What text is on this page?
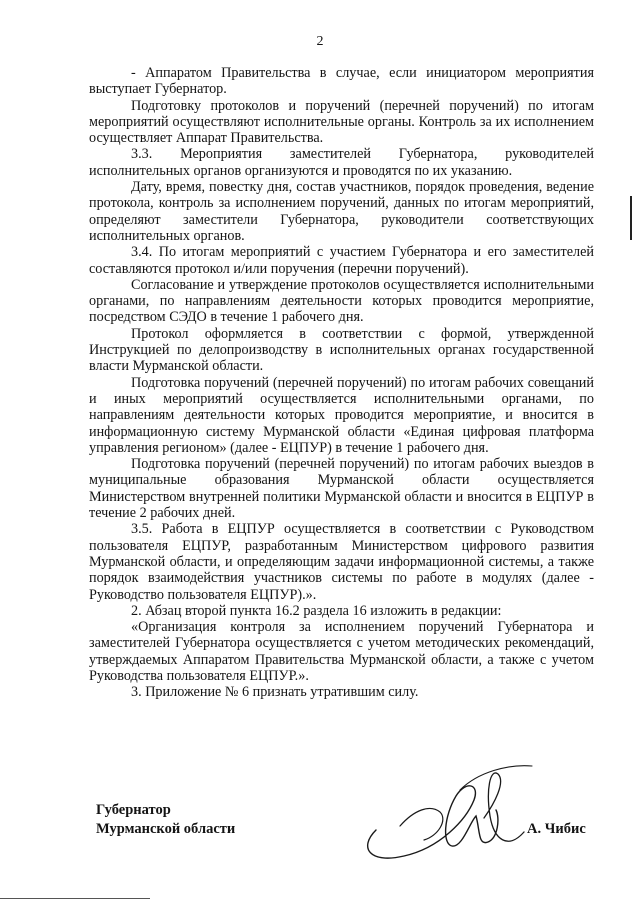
2

- Аппаратом Правительства в случае, если инициатором мероприятия выступает Губернатор.

Подготовку протоколов и поручений (перечней поручений) по итогам мероприятий осуществляют исполнительные органы. Контроль за их исполнением осуществляет Аппарат Правительства.

3.3. Мероприятия заместителей Губернатора, руководителей исполнительных органов организуются и проводятся по их указанию.

Дату, время, повестку дня, состав участников, порядок проведения, ведение протокола, контроль за исполнением поручений, данных по итогам мероприятий, определяют заместители Губернатора, руководители соответствующих исполнительных органов.

3.4. По итогам мероприятий с участием Губернатора и его заместителей составляются протокол и/или поручения (перечни поручений).

Согласование и утверждение протоколов осуществляется исполнительными органами, по направлениям деятельности которых проводится мероприятие, посредством СЭДО в течение 1 рабочего дня.

Протокол оформляется в соответствии с формой, утвержденной Инструкцией по делопроизводству в исполнительных органах государственной власти Мурманской области.

Подготовка поручений (перечней поручений) по итогам рабочих совещаний и иных мероприятий осуществляется исполнительными органами, по направлениям деятельности которых проводится мероприятие, и вносится в информационную систему Мурманской области «Единая цифровая платформа управления регионом» (далее - ЕЦПУР) в течение 1 рабочего дня.

Подготовка поручений (перечней поручений) по итогам рабочих выездов в муниципальные образования Мурманской области осуществляется Министерством внутренней политики Мурманской области и вносится в ЕЦПУР в течение 2 рабочих дней.

3.5. Работа в ЕЦПУР осуществляется в соответствии с Руководством пользователя ЕЦПУР, разработанным Министерством цифрового развития Мурманской области, и определяющим задачи информационной системы, а также порядок взаимодействия участников системы по работе в модулях (далее - Руководство пользователя ЕЦПУР).».

2. Абзац второй пункта 16.2 раздела 16 изложить в редакции:

«Организация контроля за исполнением поручений Губернатора и заместителей Губернатора осуществляется с учетом методических рекомендаций, утверждаемых Аппаратом Правительства Мурманской области, а также с учетом Руководства пользователя ЕЦПУР.».

3. Приложение № 6 признать утратившим силу.

Губернатор
Мурманской области	А. Чибис
